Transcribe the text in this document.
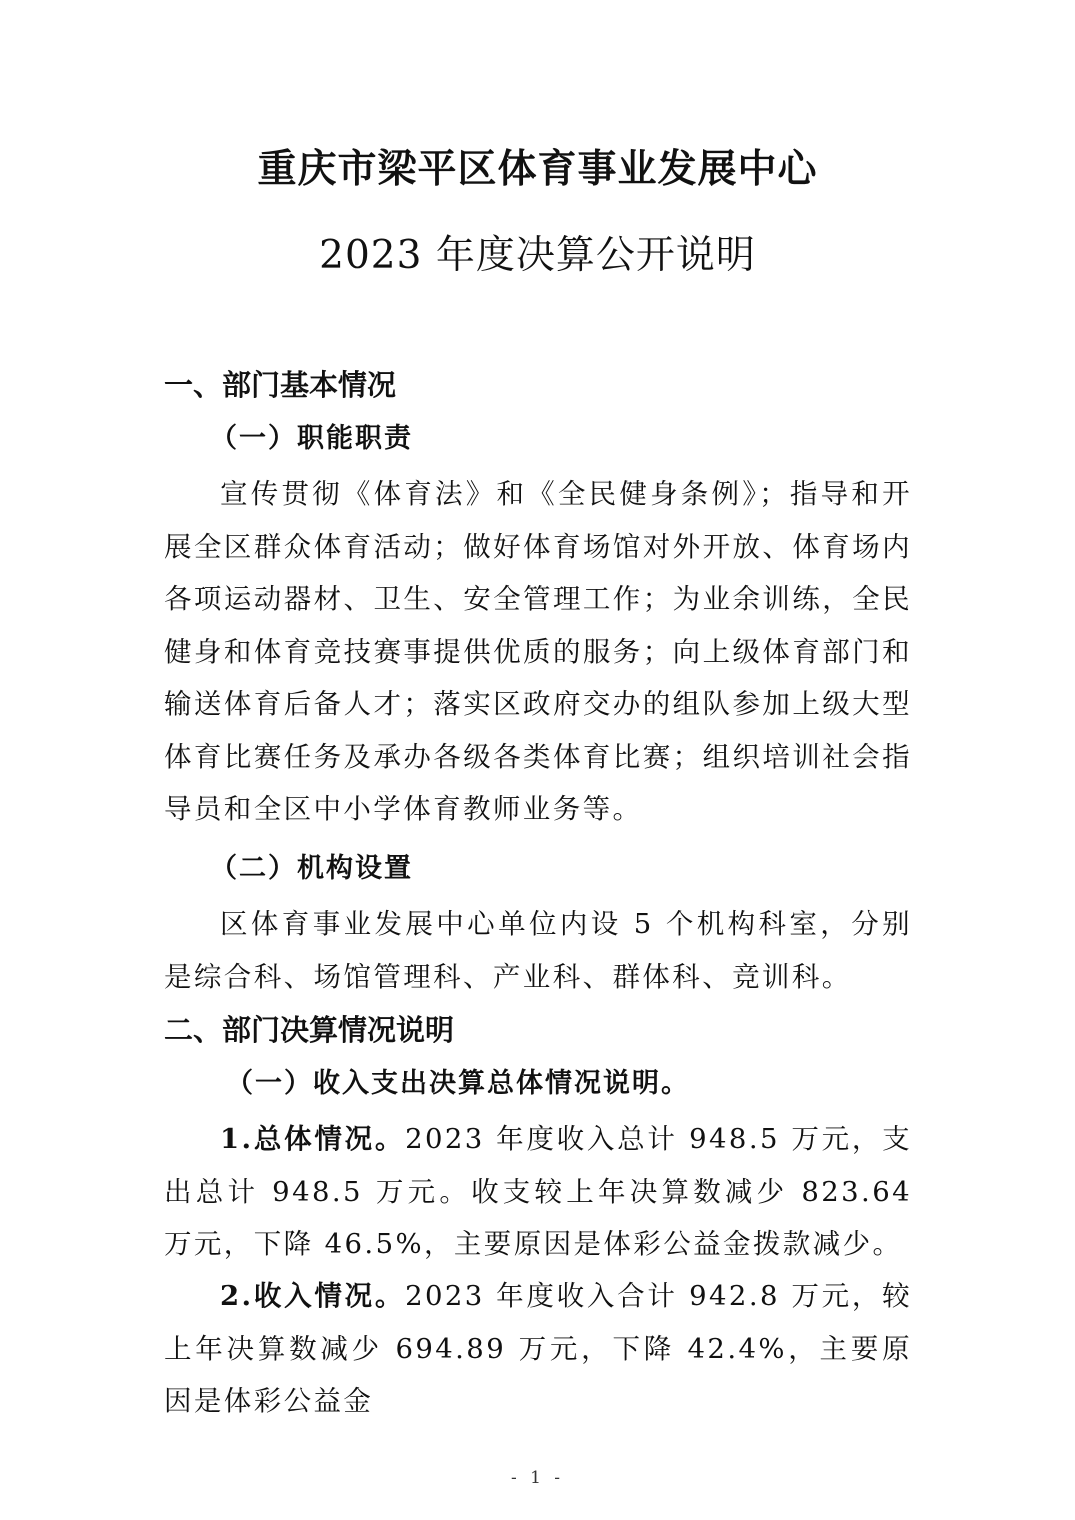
重庆市梁平区体育事业发展中心
2023 年度决算公开说明
一、部门基本情况
（一）职能职责
宣传贯彻《体育法》和《全民健身条例》；指导和开展全区群众体育活动；做好体育场馆对外开放、体育场内各项运动器材、卫生、安全管理工作；为业余训练，全民健身和体育竞技赛事提供优质的服务；向上级体育部门和输送体育后备人才；落实区政府交办的组队参加上级大型体育比赛任务及承办各级各类体育比赛；组织培训社会指导员和全区中小学体育教师业务等。
（二）机构设置
区体育事业发展中心单位内设 5 个机构科室，分别是综合科、场馆管理科、产业科、群体科、竞训科。
二、部门决算情况说明
（一）收入支出决算总体情况说明。
1.总体情况。2023 年度收入总计 948.5 万元，支出总计 948.5 万元。收支较上年决算数减少 823.64 万元，下降 46.5%，主要原因是体彩公益金拨款减少。
2.收入情况。2023 年度收入合计 942.8 万元，较上年决算数减少 694.89 万元，下降 42.4%，主要原因是体彩公益金
- 1 -
